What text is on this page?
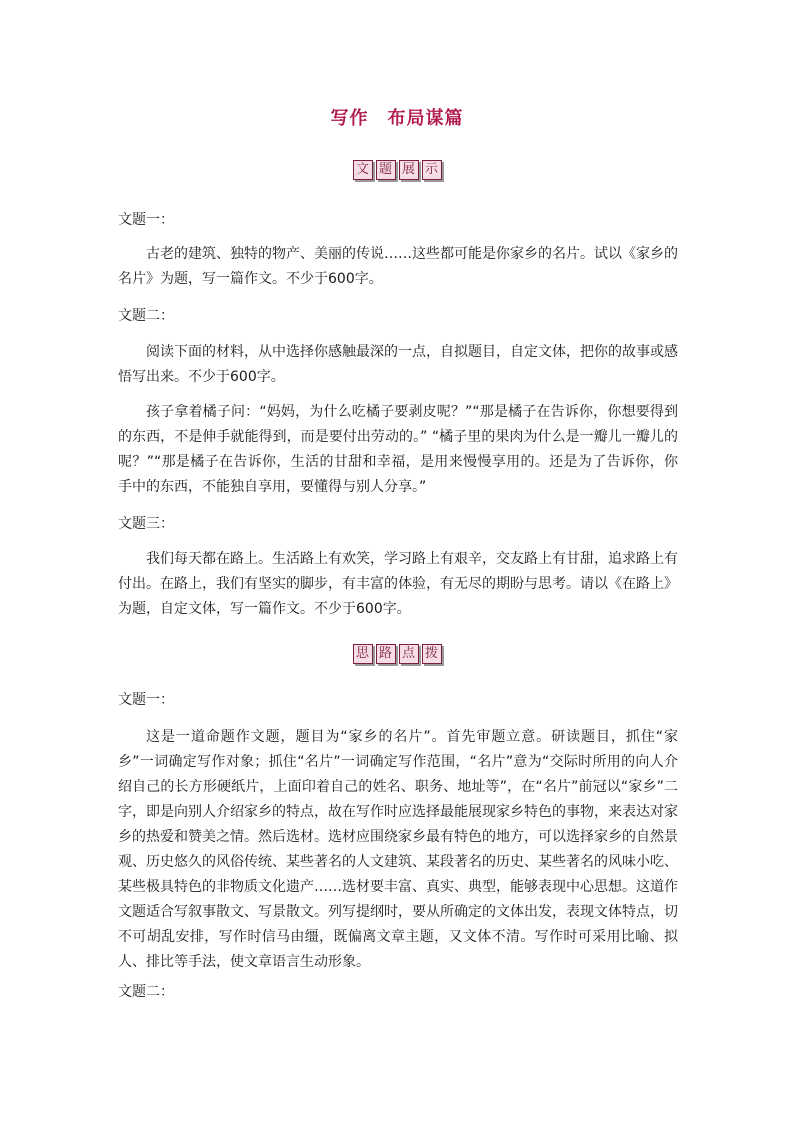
写作　布局谋篇
文 题 展 示
文题一：

古老的建筑、独特的物产、美丽的传说……这些都可能是你家乡的名片。试以《家乡的名片》为题，写一篇作文。不少于600字。

文题二：

阅读下面的材料，从中选择你感触最深的一点，自拟题目，自定文体，把你的故事或感悟写出来。不少于600字。

孩子拿着橘子问：“妈妈，为什么吃橘子要剥皮呢？”“那是橘子在告诉你，你想要得到的东西，不是伸手就能得到，而是要付出劳动的。” “橘子里的果肉为什么是一瓣儿一瓣儿的呢？”“那是橘子在告诉你，生活的甘甜和幸福，是用来慢慢享用的。还是为了告诉你，你手中的东西，不能独自享用，要懂得与别人分享。”

文题三：

我们每天都在路上。生活路上有欢笑，学习路上有艰辛，交友路上有甘甜，追求路上有付出。在路上，我们有坚实的脚步，有丰富的体验，有无尽的期盼与思考。请以《在路上》为题，自定文体，写一篇作文。不少于600字。

思 路 点 拨
文题一：

这是一道命题作文题，题目为“家乡的名片”。首先审题立意。研读题目，抓住“家乡”一词确定写作对象；抓住“名片”一词确定写作范围，“名片”意为“交际时所用的向人介绍自己的长方形硬纸片，上面印着自己的姓名、职务、地址等”，在“名片”前冠以“家乡”二字，即是向别人介绍家乡的特点，故在写作时应选择最能展现家乡特色的事物，来表达对家乡的热爱和赞美之情。然后选材。选材应围绕家乡最有特色的地方，可以选择家乡的自然景观、历史悠久的风俗传统、某些著名的人文建筑、某段著名的历史、某些著名的风味小吃、某些极具特色的非物质文化遗产……选材要丰富、真实、典型，能够表现中心思想。这道作文题适合写叙事散文、写景散文。列写提纲时，要从所确定的文体出发，表现文体特点，切不可胡乱安排，写作时信马由缰，既偏离文章主题，又文体不清。写作时可采用比喻、拟人、排比等手法，使文章语言生动形象。

文题二：
